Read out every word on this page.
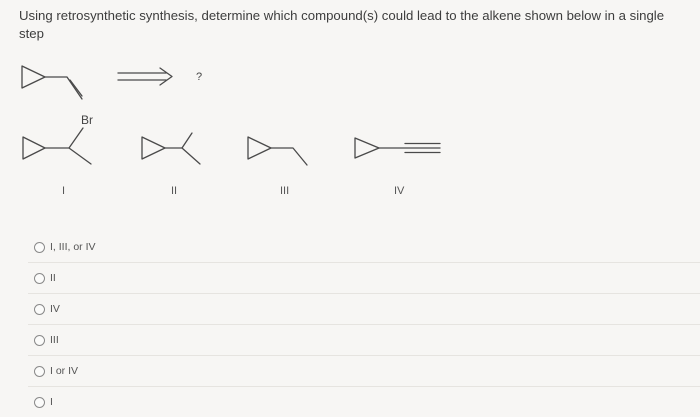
Using retrosynthetic synthesis, determine which compound(s) could lead to the alkene shown below in a single step
?
Br
I	II	III	IV
I, III, or IV
II
IV
III
I or IV
I
